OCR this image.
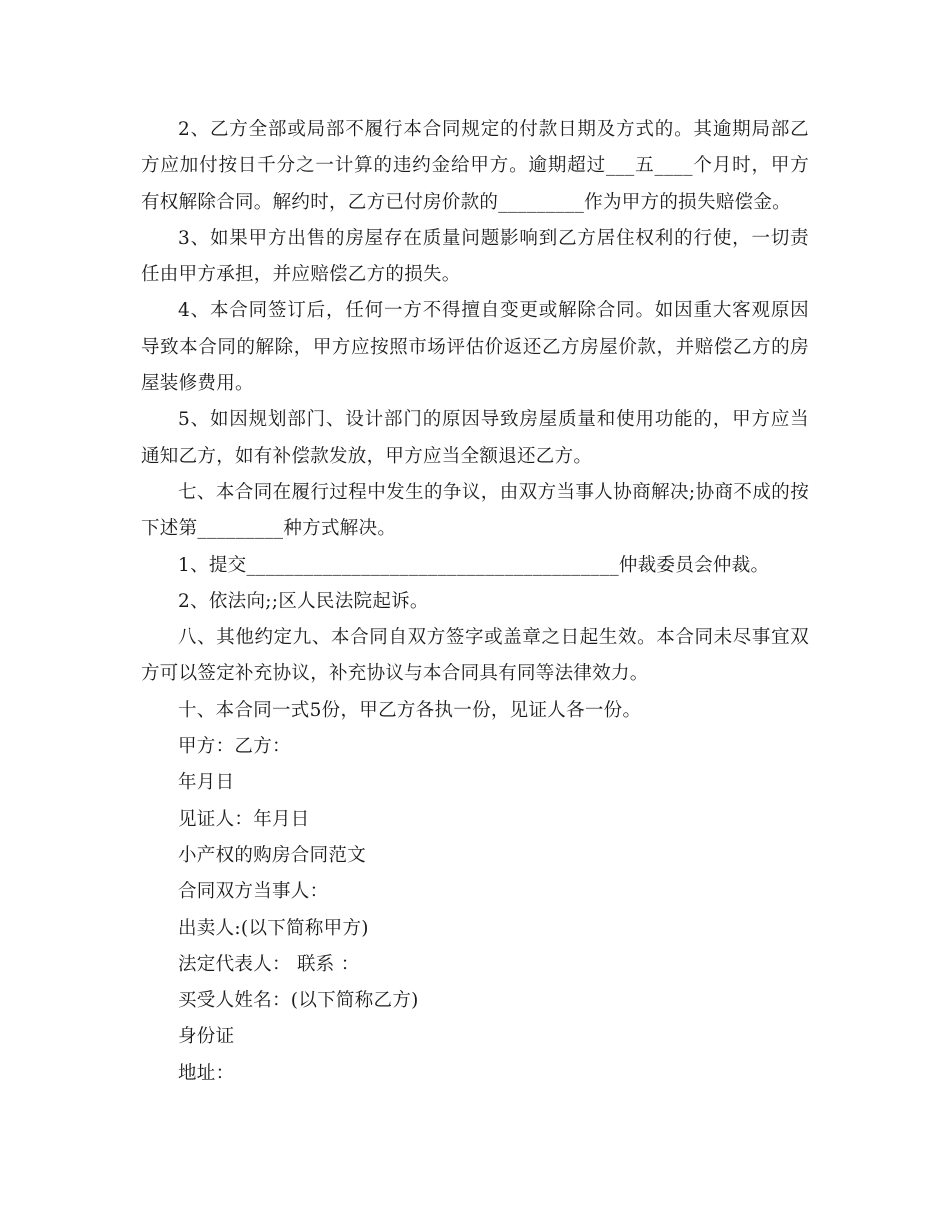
2、乙方全部或局部不履行本合同规定的付款日期及方式的。其逾期局部乙方应加付按日千分之一计算的违约金给甲方。逾期超过___五____个月时，甲方有权解除合同。解约时，乙方已付房价款的_________作为甲方的损失赔偿金。

3、如果甲方出售的房屋存在质量问题影响到乙方居住权利的行使，一切责任由甲方承担，并应赔偿乙方的损失。

4、本合同签订后，任何一方不得擅自变更或解除合同。如因重大客观原因导致本合同的解除，甲方应按照市场评估价返还乙方房屋价款，并赔偿乙方的房屋装修费用。

5、如因规划部门、设计部门的原因导致房屋质量和使用功能的，甲方应当通知乙方，如有补偿款发放，甲方应当全额退还乙方。

七、本合同在履行过程中发生的争议，由双方当事人协商解决;协商不成的按下述第_________种方式解决。

1、提交_______________________________________仲裁委员会仲裁。

2、依法向;;区人民法院起诉。

八、其他约定九、本合同自双方签字或盖章之日起生效。本合同未尽事宜双方可以签定补充协议，补充协议与本合同具有同等法律效力。

十、本合同一式5份，甲乙方各执一份，见证人各一份。

甲方：乙方：

年月日

见证人：年月日

小产权的购房合同范文

合同双方当事人：

出卖人:(以下简称甲方)

法定代表人： 联系 ：

买受人姓名：(以下简称乙方)

身份证

地址：
